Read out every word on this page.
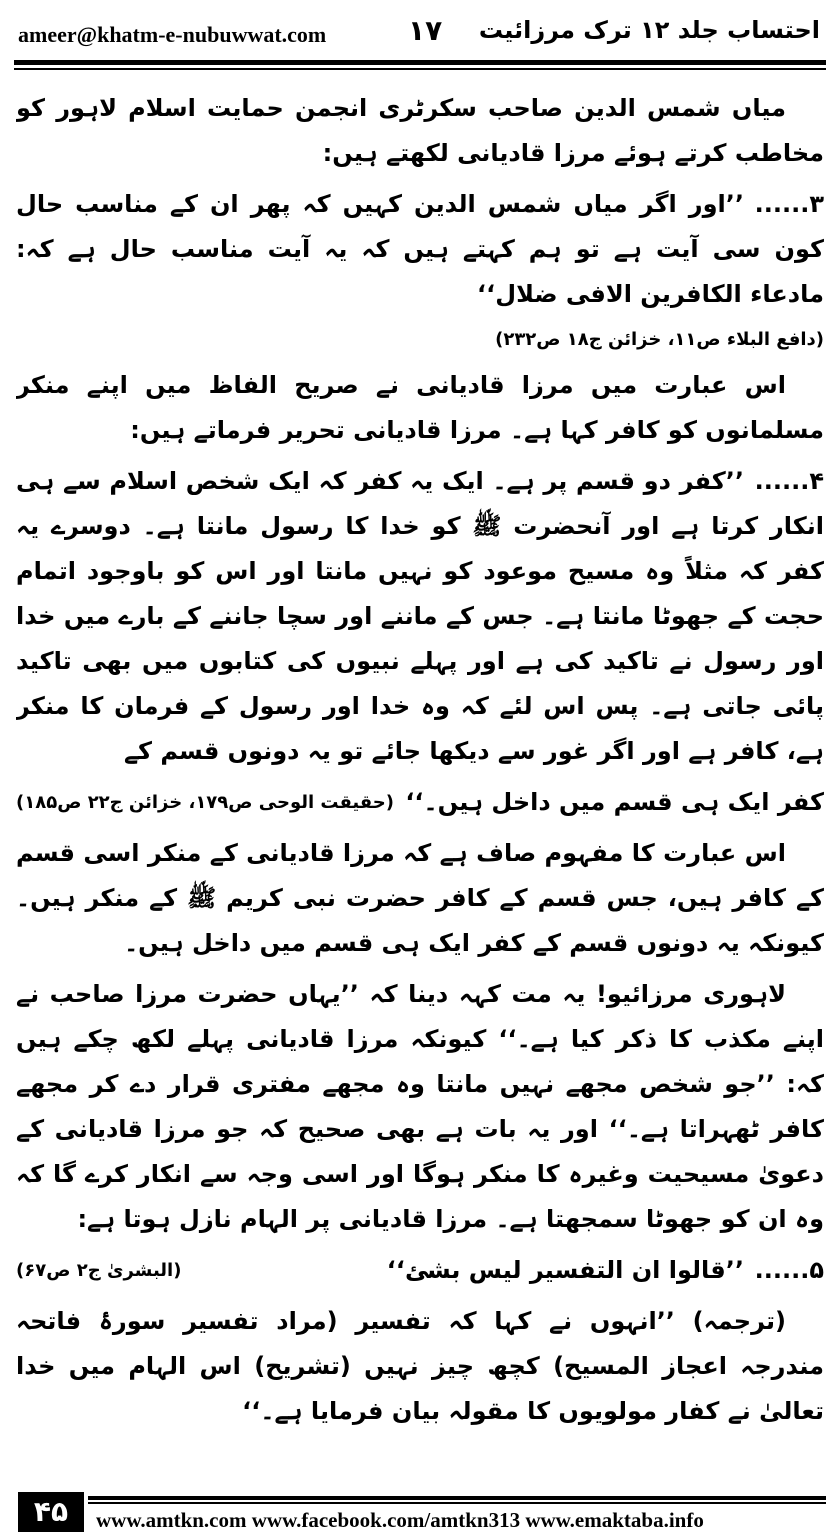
ameer@khatm-e-nubuwwat.com	۱۷ احتساب جلد ۱۲ ترک مرزائیت

میاں شمس الدین صاحب سکرٹری انجمن حمایت اسلام لاہور کو مخاطب کرتے ہوئے مرزا قادیانی لکھتے ہیں:

۳......’’اور اگر میاں شمس الدین کہیں کہ پھر ان کے مناسب حال کون سی آیت ہے تو ہم کہتے ہیں کہ یہ آیت مناسب حال ہے کہ: مادعاء الکافرین الافی ضلال‘‘

(دافع البلاء ص۱۱، خزائن ج۱۸ ص۲۳۲)

اس عبارت میں مرزا قادیانی نے صریح الفاظ میں اپنے منکر مسلمانوں کو کافر کہا ہے۔ مرزا قادیانی تحریر فرماتے ہیں:

۴......’’کفر دو قسم پر ہے۔ ایک یہ کفر کہ ایک شخص اسلام سے ہی انکار کرتا ہے اور آنحضرت ﷺ کو خدا کا رسول مانتا ہے۔ دوسرے یہ کفر کہ مثلاً وہ مسیح موعود کو نہیں مانتا اور اس کو باوجود اتمام حجت کے جھوٹا مانتا ہے۔ جس کے ماننے اور سچا جاننے کے بارے میں خدا اور رسول نے تاکید کی ہے اور پہلے نبیوں کی کتابوں میں بھی تاکید پائی جاتی ہے۔ پس اس لئے کہ وہ خدا اور رسول کے فرمان کا منکر ہے، کافر ہے اور اگر غور سے دیکھا جائے تو یہ دونوں قسم کے

کفر ایک ہی قسم میں داخل ہیں۔‘‘
(حقیقت الوحی ص۱۷۹، خزائن ج۲۲ ص۱۸۵)

اس عبارت کا مفہوم صاف ہے کہ مرزا قادیانی کے منکر اسی قسم کے کافر ہیں، جس قسم کے کافر حضرت نبی کریم ﷺ کے منکر ہیں۔ کیونکہ یہ دونوں قسم کے کفر ایک ہی قسم میں داخل ہیں۔

لاہوری مرزائیو! یہ مت کہہ دینا کہ ’’یہاں حضرت مرزا صاحب نے اپنے مکذب کا ذکر کیا ہے۔‘‘ کیونکہ مرزا قادیانی پہلے لکھ چکے ہیں کہ: ’’جو شخص مجھے نہیں مانتا وہ مجھے مفتری قرار دے کر مجھے کافر ٹھہراتا ہے۔‘‘ اور یہ بات ہے بھی صحیح کہ جو مرزا قادیانی کے دعویٰ مسیحیت وغیرہ کا منکر ہوگا اور اسی وجہ سے انکار کرے گا کہ وہ ان کو جھوٹا سمجھتا ہے۔ مرزا قادیانی پر الہام نازل ہوتا ہے:

۵......’’قالوا ان التفسیر لیس بشئ‘‘
(البشریٰ ج۲ ص۶۷)

(ترجمہ) ’’انہوں نے کہا کہ تفسیر (مراد تفسیر سورۂ فاتحہ مندرجہ اعجاز المسیح) کچھ چیز نہیں (تشریح) اس الہام میں خدا تعالیٰ نے کفار مولویوں کا مقولہ بیان فرمایا ہے۔‘‘

۴۵	www.amtkn.com www.facebook.com/amtkn313 www.emaktaba.info
